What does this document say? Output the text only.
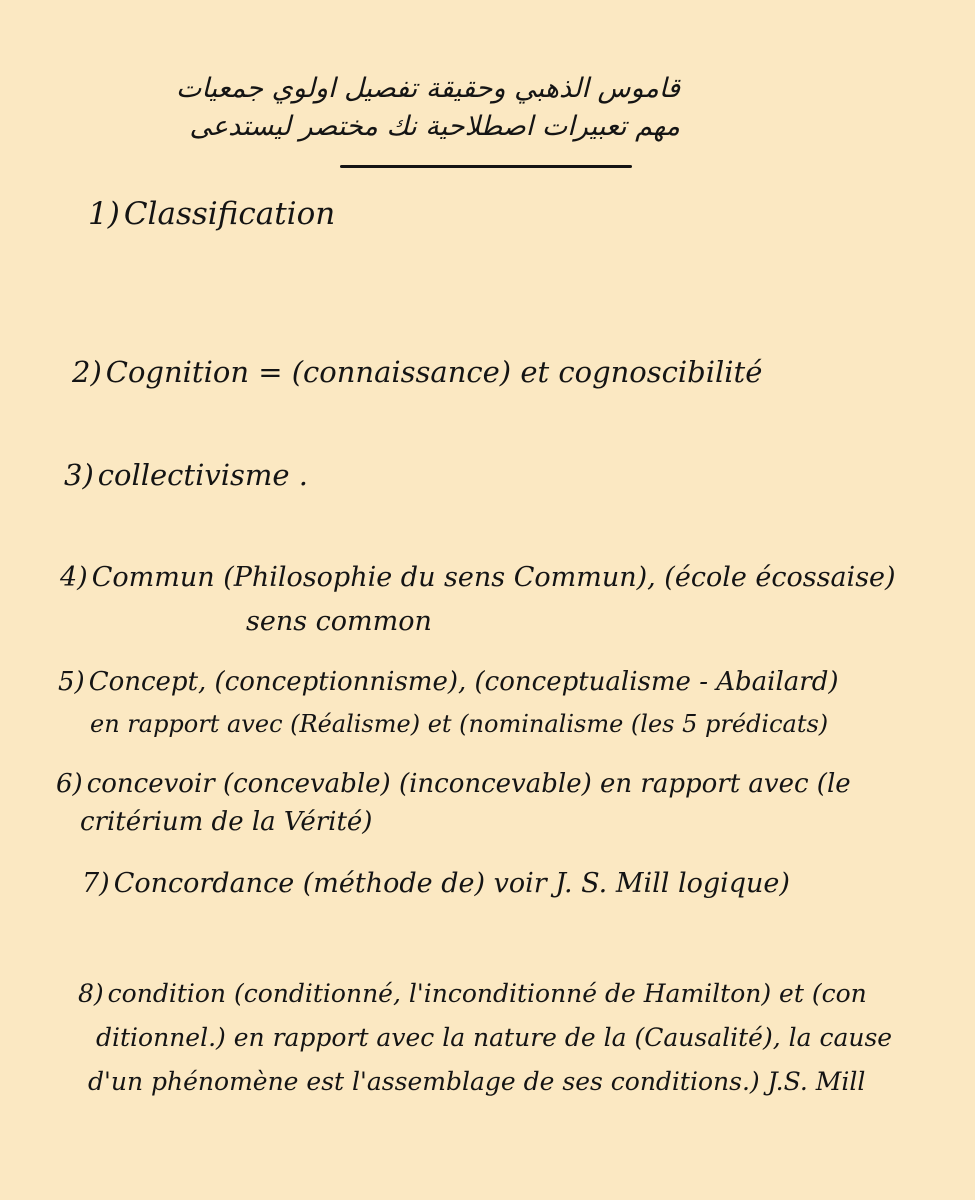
قاموس الذهبي وحقيقة تفصيل اولوي جمعيات
مهم تعبيرات اصطلاحية نك مختصر ليستدعى
1) Classification
2) Cognition = (connaissance) et cognoscibilité
3) collectivisme .
4) Commun (Philosophie du sens Commun), (école écossaise)
sens common
5) Concept, (conceptionnisme), (conceptualisme - Abailard)
en rapport avec (Réalisme) et (nominalisme (les 5 prédicats)
6) concevoir (concevable) (inconcevable) en rapport avec (le
critérium de la Vérité)
7) Concordance (méthode de) voir J. S. Mill logique)
8) condition (conditionné, l'inconditionné de Hamilton) et (con
ditionnel.) en rapport avec la nature de la (Causalité), la cause
d'un phénomène est l'assemblage de ses conditions.) J.S. Mill
